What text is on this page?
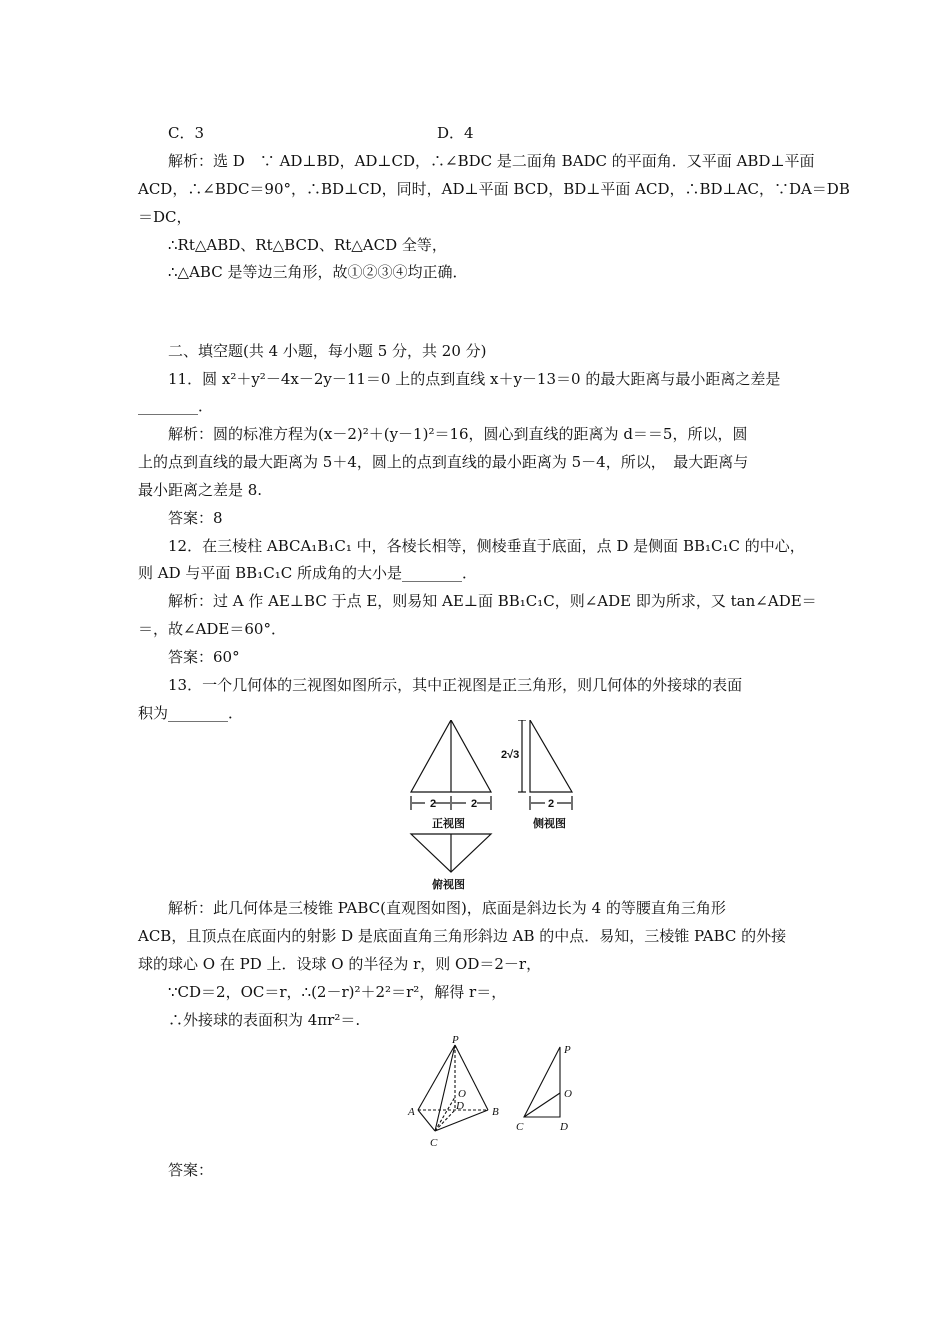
C．3	D．4
解析：选 D　∵ AD⊥BD，AD⊥CD，∴∠BDC 是二面角 BADC 的平面角．又平面 ABD⊥平面
ACD，∴∠BDC＝90°，∴BD⊥CD，同时，AD⊥平面 BCD，BD⊥平面 ACD，∴BD⊥AC，∵DA＝DB
＝DC，
∴Rt△ABD、Rt△BCD、Rt△ACD 全等，
∴△ABC 是等边三角形，故①②③④均正确．
二、填空题(共 4 小题，每小题 5 分，共 20 分)
11．圆 x²＋y²－4x－2y－11＝0 上的点到直线 x＋y－13＝0 的最大距离与最小距离之差是
________．
解析：圆的标准方程为(x－2)²＋(y－1)²＝16，圆心到直线的距离为 d＝＝5，所以，圆
上的点到直线的最大距离为 5＋4，圆上的点到直线的最小距离为 5－4，所以，　最大距离与
最小距离之差是 8.
答案：8
12．在三棱柱 ABCA₁B₁C₁ 中，各棱长相等，侧棱垂直于底面，点 D 是侧面 BB₁C₁C 的中心，
则 AD 与平面 BB₁C₁C 所成角的大小是________．
解析：过 A 作 AE⊥BC 于点 E，则易知 AE⊥面 BB₁C₁C，则∠ADE 即为所求，又 tan∠ADE＝
＝，故∠ADE＝60°．
答案：60°
13．一个几何体的三视图如图所示，其中正视图是正三角形，则几何体的外接球的表面
积为________．
解析：此几何体是三棱锥 PABC(直观图如图)，底面是斜边长为 4 的等腰直角三角形
ACB，且顶点在底面内的射影 D 是底面直角三角形斜边 AB 的中点．易知，三棱锥 PABC 的外接
球的球心 O 在 PD 上．设球 O 的半径为 r，则 OD＝2－r，
∵CD＝2，OC＝r，∴(2－r)²＋2²＝r²，解得 r＝，
∴外接球的表面积为 4πr²＝.
答案：
2	2
正视图
2√3
2
侧视图
俯视图
P
O
D
A	B
C
P
O
C	D
